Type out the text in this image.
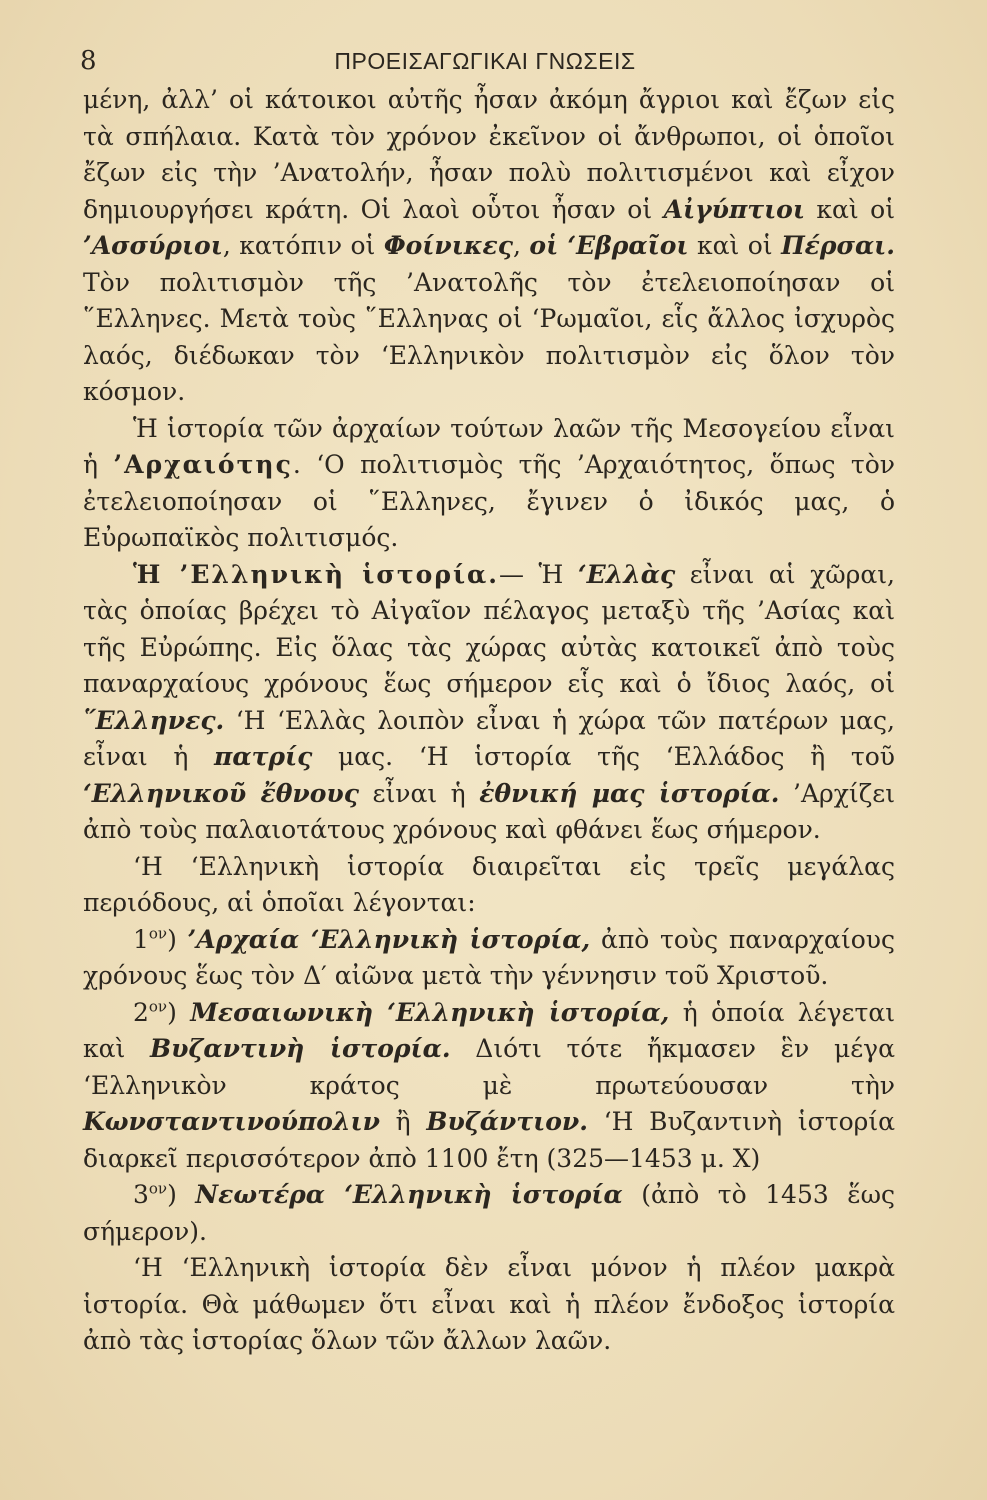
8	ΠΡΟΕΙΣΑΓΩΓΙΚΑΙ ΓΝΩΣΕΙΣ

μένη, ἀλλ’ οἱ κάτοικοι αὐτῆς ἦσαν ἀκόμη ἄγριοι καὶ ἔζων εἰς τὰ σπήλαια. Κατὰ τὸν χρόνον ἐκεῖνον οἱ ἄνθρωποι, οἱ ὁποῖοι ἔζων εἰς τὴν ’Ανατολήν, ἦσαν πολὺ πολιτισμένοι καὶ εἶχον δημιουργήσει κράτη. Οἱ λαοὶ οὗτοι ἦσαν οἱ Αἰγύπτιοι καὶ οἱ ’Ασσύριοι, κατόπιν οἱ Φοίνικες, οἱ ‘Εβραῖοι καὶ οἱ Πέρσαι. Τὸν πολιτισμὸν τῆς ’Ανατολῆς τὸν ἐτελειοποίησαν οἱ ῞Ελληνες. Μετὰ τοὺς ῞Ελληνας οἱ ‘Ρωμαῖοι, εἷς ἄλλος ἰσχυρὸς λαός, διέδωκαν τὸν ‘Ελληνικὸν πολιτισμὸν εἰς ὅλον τὸν κόσμον.

Ἡ ἱστορία τῶν ἀρχαίων τούτων λαῶν τῆς Μεσογείου εἶναι ἡ ’Αρχαιότης. ‘Ο πολιτισμὸς τῆς ’Αρχαιότητος, ὅπως τὸν ἐτελειοποίησαν οἱ ῞Ελληνες, ἔγινεν ὁ ἰδικός μας, ὁ Εὐρωπαϊκὸς πολιτισμός.

Ἡ ’Ελληνικὴ ἱστορία.— Ἡ ‘Ελλὰς εἶναι αἱ χῶραι, τὰς ὁποίας βρέχει τὸ Αἰγαῖον πέλαγος μεταξὺ τῆς ’Ασίας καὶ τῆς Εὐρώπης. Εἰς ὅλας τὰς χώρας αὐτὰς κατοικεῖ ἀπὸ τοὺς παναρχαίους χρόνους ἕως σήμερον εἷς καὶ ὁ ἴδιος λαός, οἱ ῞Ελληνες. ‘Η ‘Ελλὰς λοιπὸν εἶναι ἡ χώρα τῶν πατέρων μας, εἶναι ἡ πατρίς μας. ‘Η ἱστορία τῆς ‘Ελλάδος ἢ τοῦ ‘Ελληνικοῦ ἔθνους εἶναι ἡ ἐθνική μας ἱστορία. ’Αρχίζει ἀπὸ τοὺς παλαιοτάτους χρόνους καὶ φθάνει ἕως σήμερον.

‘Η ‘Ελληνικὴ ἱστορία διαιρεῖται εἰς τρεῖς μεγάλας περιόδους, αἱ ὁποῖαι λέγονται:

$1^{o\nu}$) ’Αρχαία ‘Ελληνικὴ ἱστορία, ἀπὸ τοὺς παναρχαίους χρόνους ἕως τὸν Δ′ αἰῶνα μετὰ τὴν γέννησιν τοῦ Χριστοῦ.

$2^{o\nu}$) Μεσαιωνικὴ ‘Ελληνικὴ ἱστορία, ἡ ὁποία λέγεται καὶ Βυζαντινὴ ἱστορία. Διότι τότε ἤκμασεν ἓν μέγα ‘Ελληνικὸν κράτος μὲ πρωτεύουσαν τὴν Κωνσταντινούπολιν ἢ Βυζάντιον. ‘Η Βυζαντινὴ ἱστορία διαρκεῖ περισσότερον ἀπὸ 1100 ἔτη (325—1453 μ. Χ)

$3^{o\nu}$) Νεωτέρα ‘Ελληνικὴ ἱστορία (ἀπὸ τὸ 1453 ἕως σήμερον).

‘Η ‘Ελληνικὴ ἱστορία δὲν εἶναι μόνον ἡ πλέον μακρὰ ἱστορία. Θὰ μάθωμεν ὅτι εἶναι καὶ ἡ πλέον ἔνδοξος ἱστορία ἀπὸ τὰς ἱστορίας ὅλων τῶν ἄλλων λαῶν.
